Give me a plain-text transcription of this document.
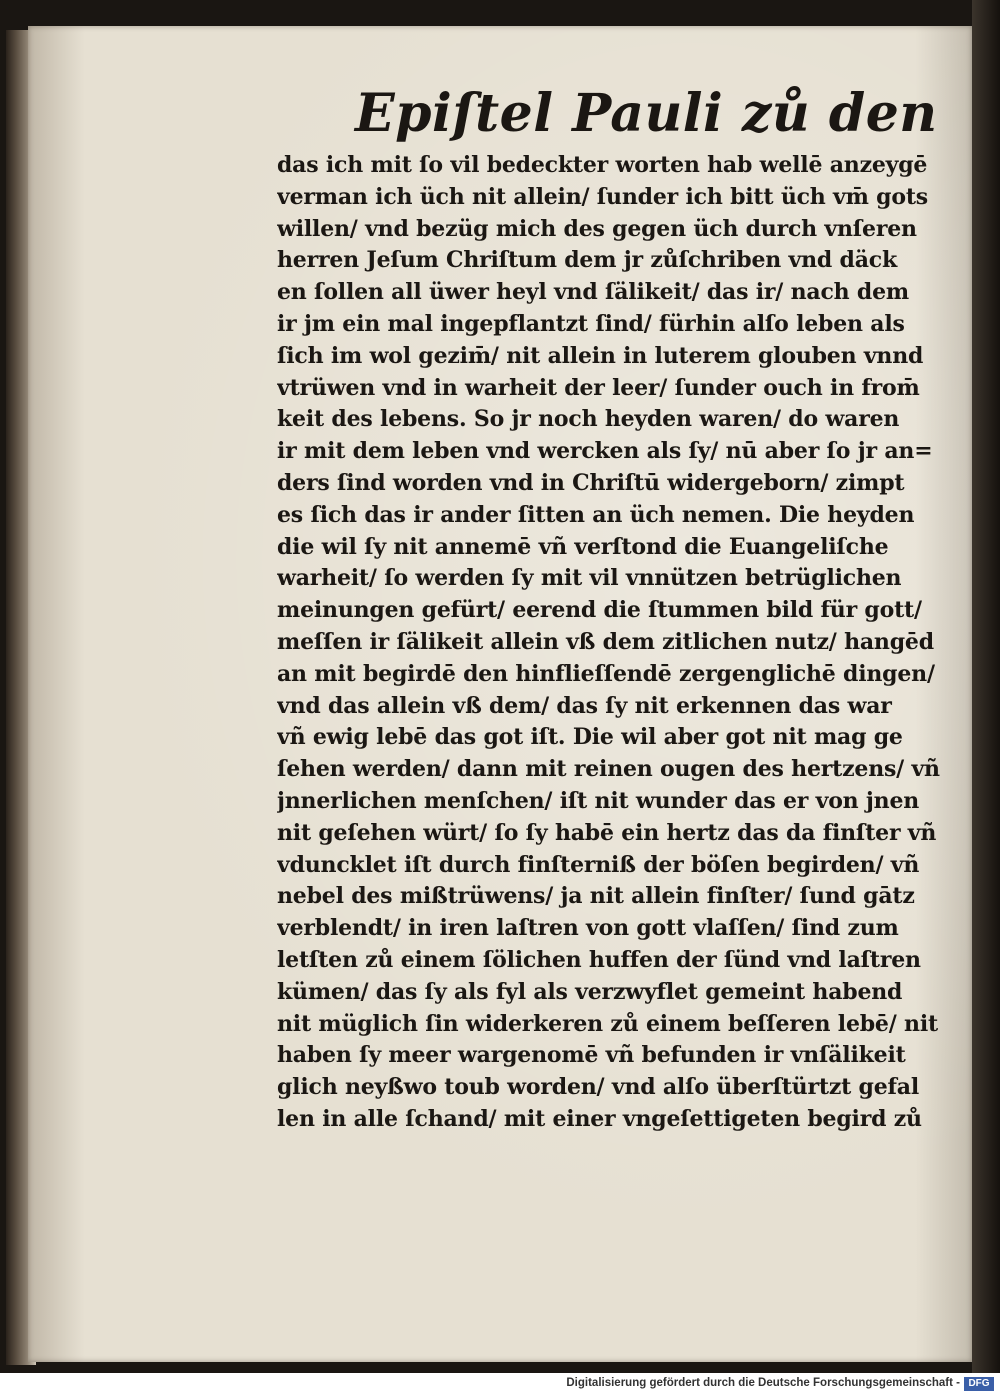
Epiſtel Pauli zů den
das ich mit ſo vil bedeckter worten hab wellē anzeygē
verman ich üch nit allein/ ſunder ich bitt üch vm̄ gots
willen/ vnd bezüg mich des gegen üch durch vnſeren
herren Jeſum Chriſtum dem jr zůſchriben vnd däck
en ſollen all üwer heyl vnd ſälikeit/ das ir/ nach dem
ir jm ein mal ingepflantzt ſind/ fürhin alſo leben als
ſich im wol gezim̄/ nit allein in luterem glouben vnnd
vtrüwen vnd in warheit der leer/ ſunder ouch in from̄
keit des lebens. So jr noch heyden waren/ do waren
ir mit dem leben vnd wercken als ſy/ nū aber ſo jr an=
ders ſind worden vnd in Chriſtū widergeborn/ zimpt
es ſich das ir ander ſitten an üch nemen. Die heyden
die wil ſy nit annemē vñ verſtond die Euangeliſche
warheit/ ſo werden ſy mit vil vnnützen betrüglichen
meinungen gefürt/ eerend die ſtummen bild für gott/
meſſen ir ſälikeit allein vß dem zitlichen nutz/ hangēd
an mit begirdē den hinflieſſendē zergenglichē dingen/
vnd das allein vß dem/ das ſy nit erkennen das war
vñ ewig lebē das got iſt. Die wil aber got nit mag ge
ſehen werden/ dann mit reinen ougen des hertzens/ vñ
jnnerlichen menſchen/ iſt nit wunder das er von jnen
nit geſehen würt/ ſo ſy habē ein hertz das da finſter vñ
vduncklet iſt durch finſterniß der böſen begirden/ vñ
nebel des mißtrüwens/ ja nit allein finſter/ ſund gātz
verblendt/ in iren laſtren von gott vlaſſen/ ſind zum
letſten zů einem ſölichen huffen der ſünd vnd laſtren
kümen/ das ſy als fyl als verzwyflet gemeint habend
nit müglich ſin widerkeren zů einem beſſeren lebē/ nit
haben ſy meer wargenomē vñ befunden ir vnſälikeit
glich neyßwo toub worden/ vnd alſo überſtürtzt gefal
len in alle ſchand/ mit einer vngeſettigeten begird zů
Digitalisierung gefördert durch die Deutsche Forschungsgemeinschaft - DFG
